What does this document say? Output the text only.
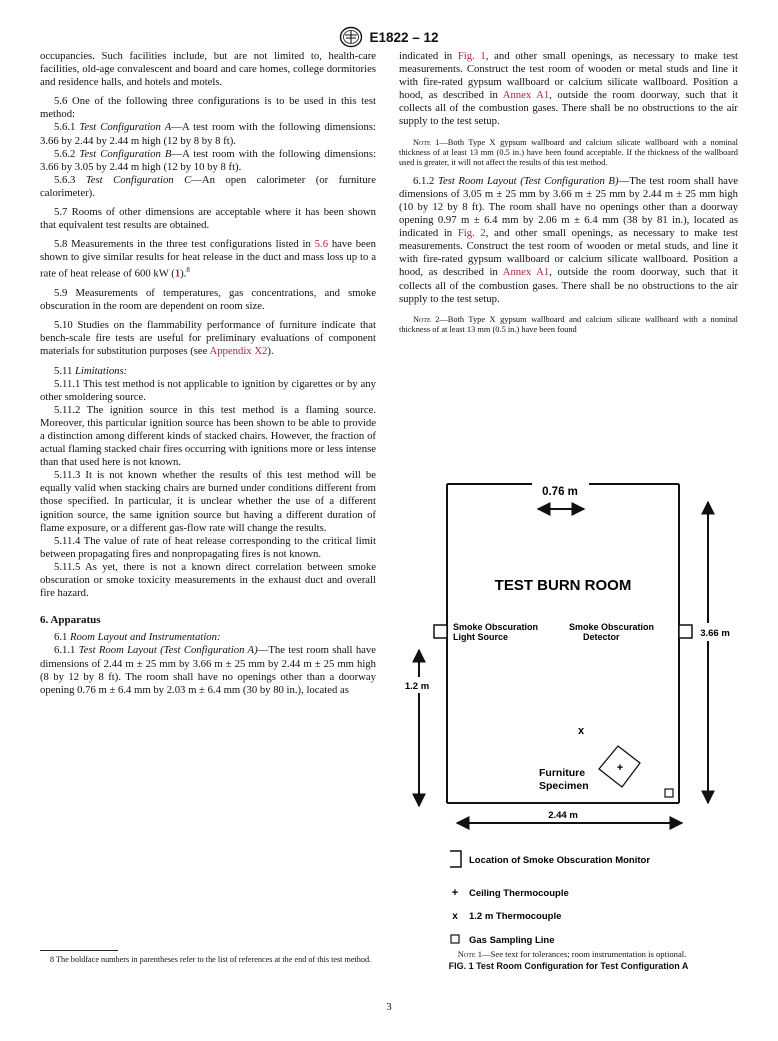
E1822 – 12

occupancies. Such facilities include, but are not limited to, health-care facilities, old-age convalescent and board and care homes, college dormitories and residence halls, and hotels and motels.

5.6 One of the following three configurations is to be used in this test method:

5.6.1 Test Configuration A—A test room with the following dimensions: 3.66 by 2.44 by 2.44 m high (12 by 8 by 8 ft).

5.6.2 Test Configuration B—A test room with the following dimensions: 3.66 by 3.05 by 2.44 m high (12 by 10 by 8 ft).

5.6.3 Test Configuration C—An open calorimeter (or furniture calorimeter).

5.7 Rooms of other dimensions are acceptable where it has been shown that equivalent test results are obtained.

5.8 Measurements in the three test configurations listed in 5.6 have been shown to give similar results for heat release in the duct and mass loss up to a rate of heat release of 600 kW (1).$^8$

5.9 Measurements of temperatures, gas concentrations, and smoke obscuration in the room are dependent on room size.

5.10 Studies on the flammability performance of furniture indicate that bench-scale fire tests are useful for preliminary evaluations of component materials for substitution purposes (see Appendix X2).

5.11 Limitations:

5.11.1 This test method is not applicable to ignition by cigarettes or by any other smoldering source.

5.11.2 The ignition source in this test method is a flaming source. Moreover, this particular ignition source has been shown to be able to provide a distinction among different kinds of stacked chairs. However, the fraction of actual flaming stacked chair fires occurring with ignitions more or less intense than that used here is not known.

5.11.3 It is not known whether the results of this test method will be equally valid when stacking chairs are burned under conditions different from those specified. In particular, it is unclear whether the use of a different ignition source, the same ignition source but having a different duration of flame exposure, or a different gas-flow rate will change the results.

5.11.4 The value of rate of heat release corresponding to the critical limit between propagating fires and nonpropagating fires is not known.

5.11.5 As yet, there is not a known direct correlation between smoke obscuration or smoke toxicity measurements in the exhaust duct and overall fire hazard.

6. Apparatus

6.1 Room Layout and Instrumentation:

6.1.1 Test Room Layout (Test Configuration A)—The test room shall have dimensions of 2.44 m ± 25 mm by 3.66 m ± 25 mm by 2.44 m ± 25 mm high (8 by 12 by 8 ft). The room shall have no openings other than a doorway opening 0.76 m ± 6.4 mm by 2.03 m ± 6.4 mm (30 by 80 in.), located as

8 The boldface numbers in parentheses refer to the list of references at the end of this test method.

indicated in Fig. 1, and other small openings, as necessary to make test measurements. Construct the test room of wooden or metal studs and line it with fire-rated gypsum wallboard or calcium silicate wallboard. Position a hood, as described in Annex A1, outside the room doorway, such that it collects all of the combustion gases. There shall be no obstructions to the air supply to the test setup.

Note 1—Both Type X gypsum wallboard and calcium silicate wallboard with a nominal thickness of at least 13 mm (0.5 in.) have been found acceptable. If the thickness of the wallboard used is greater, it will not affect the results of this test method.

6.1.2 Test Room Layout (Test Configuration B)—The test room shall have dimensions of 3.05 m ± 25 mm by 3.66 m ± 25 mm by 2.44 m ± 25 mm high (10 by 12 by 8 ft). The room shall have no openings other than a doorway opening 0.97 m ± 6.4 mm by 2.06 m ± 6.4 mm (38 by 81 in.), located as indicated in Fig. 2, and other small openings, as necessary to make test measurements. Construct the test room of wooden or metal studs, and line it with fire-rated gypsum wallboard or calcium silicate wallboard. Position a hood, as described in Annex A1, outside the room doorway, such that it collects all of the combustion gases. There shall be no obstructions to the air supply to the test setup.

Note 2—Both Type X gypsum wallboard and calcium silicate wallboard with a nominal thickness of at least 13 mm (0.5 in.) have been found

0.76 m
TEST BURN ROOM
Smoke Obscuration
Light Source
Smoke Obscuration
Detector	3.66 m
1.2 m
x
Furniture
Specimen
+
2.44 m
Location of Smoke Obscuration Monitor
+ Ceiling Thermocouple
x 1.2 m Thermocouple
Gas Sampling Line
Note 1—See text for tolerances; room instrumentation is optional.
FIG. 1 Test Room Configuration for Test Configuration A
3
